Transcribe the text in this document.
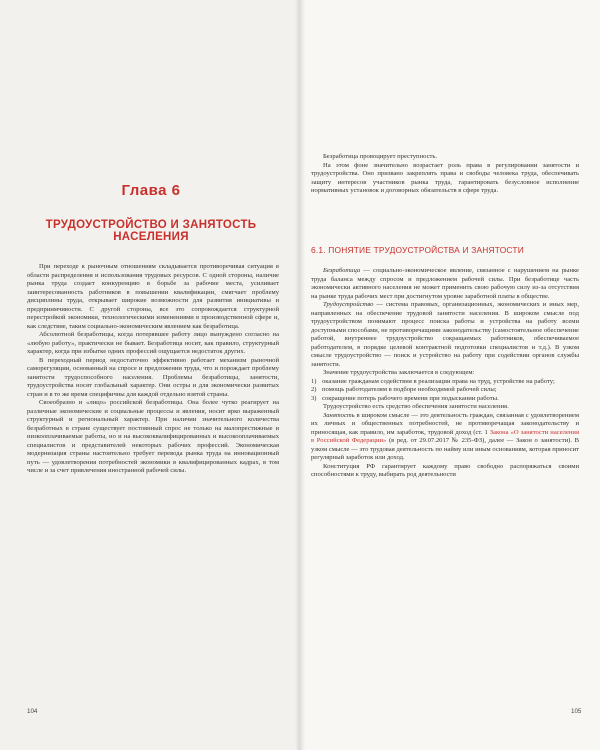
Глава 6
ТРУДОУСТРОЙСТВО И ЗАНЯТОСТЬ НАСЕЛЕНИЯ

При переходе к рыночным отношениям складывается противоречивая ситуация в области распределения и использования трудовых ресурсов. С одной стороны, наличие рынка труда создает конкуренцию в борьбе за рабочие места, усиливает заинтересованность работников в повышении квалификации, смягчает проблему дисциплины труда, открывает широкие возможности для развития инициативы и предприимчивости. С другой стороны, все это сопровождается структурной перестройкой экономики, технологическими изменениями в производственной сфере и, как следствие, таким социально-экономическим явлением как безработица.

Абсолютной безработицы, когда потерявшее работу лицо вынуждено согласно на «любую работу», практически не бывает. Безработица носит, как правило, структурный характер, когда при избытке одних профессий ощущается недостаток других.

В переходный период недостаточно эффективно работает механизм рыночной саморегуляции, основанный на спросе и предложении труда, что и порождает проблему занятости трудоспособного населения. Проблемы безработицы, занятости, трудоустройства носят глобальный характер. Они остры и для экономически развитых стран и в то же время специфичны для каждой отдельно взятой страны.

Своеобразно и «лицо» российской безработицы. Она более чутко реагирует на различные экономические и социальные процессы и явления, носит ярко выраженный структурный и региональный характер. При наличии значительного количества безработных в стране существует постоянный спрос не только на малопрестижные и низкооплачиваемые работы, но и на высококвалифицированных и высокооплачиваемых специалистов и представителей некоторых рабочих профессий. Экономическая модернизация страны настоятельно требует перевода рынка труда на инновационный путь — удовлетворения потребностей экономики в квалифицированных кадрах, в том числе и за счет привлечения иностранной рабочей силы.

104

Безработица провоцирует преступность.

На этом фоне значительно возрастает роль права в регулировании занятости и трудоустройства. Оно призвано закреплять права и свободы человека труда, обеспечивать защиту интересов участников рынка труда, гарантировать безусловное исполнение нормативных установок и договорных обязательств в сфере труда.

6.1. ПОНЯТИЕ ТРУДОУСТРОЙСТВА И ЗАНЯТОСТИ

Безработица — социально-экономическое явление, связанное с нарушением на рынке труда баланса между спросом и предложением рабочей силы. При безработице часть экономически активного населения не может применить свою рабочую силу из-за отсутствия на рынке труда рабочих мест при достигнутом уровне заработной платы в обществе.

Трудоустройство — система правовых, организационных, экономических и иных мер, направленных на обеспечение трудовой занятости населения. В широком смысле под трудоустройством понимают процесс поиска работы и устройства на работу всеми доступными способами, не противоречащими законодательству (самостоятельное обеспечение работой, внутреннее трудоустройство сокращаемых работников, обеспечиваемое работодателем, в порядке целевой контрактной подготовки специалистов и т.д.). В узком смысле трудоустройство — поиск и устройство на работу при содействии органов службы занятости.

Значение трудоустройства заключается в следующем:

1) оказание гражданам содействия в реализации права на труд, устройстве на работу;
2) помощь работодателям в подборе необходимой рабочей силы;
3) сокращение потерь рабочего времени при подыскании работы.

Трудоустройство есть средство обеспечения занятости населения.

Занятость в широком смысле — это деятельность граждан, связанная с удовлетворением их личных и общественных потребностей, не противоречащая законодательству и приносящая, как правило, им заработок, трудовой доход (ст. 1 Закона «О занятости населения в Российской Федерации» (в ред. от 29.07.2017 № 235-ФЗ), далее — Закон о занятости). В узком смысле — это трудовая деятельность по найму или иным основаниям, которая приносит регулярный заработок или доход.

Конституция РФ гарантирует каждому право свободно распоряжаться своими способностями к труду, выбирать род деятельности

105
